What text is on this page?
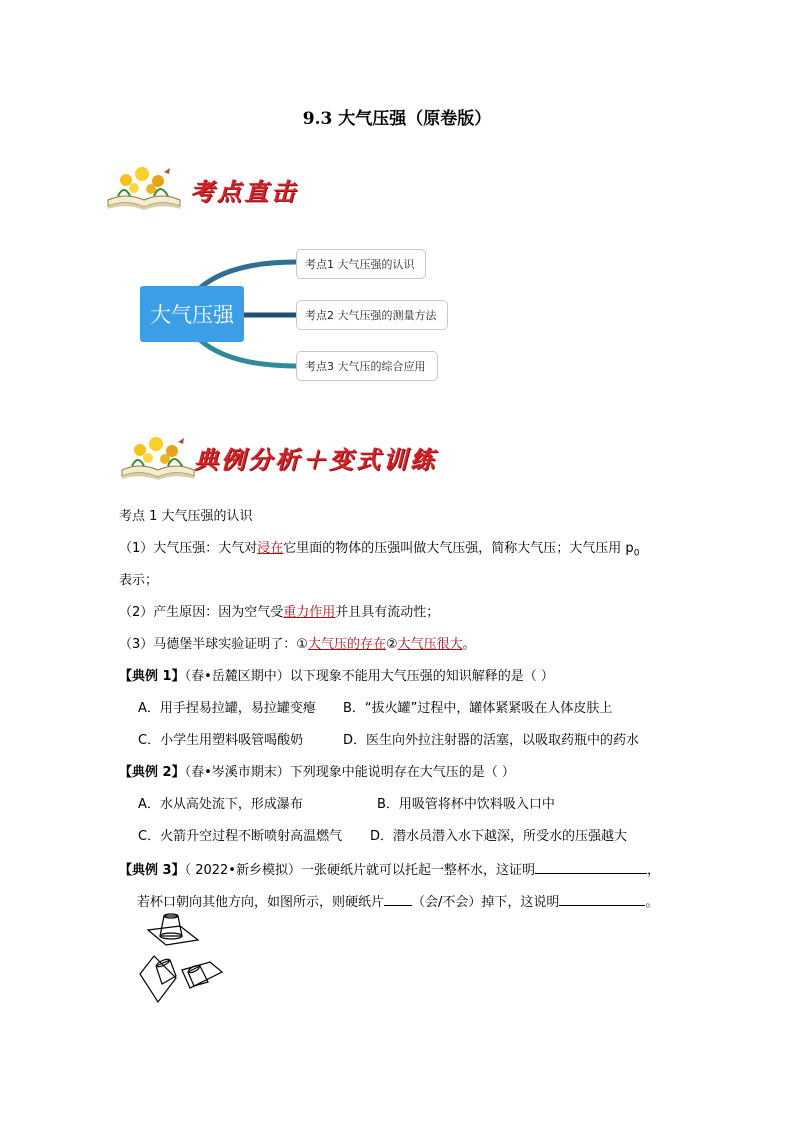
9.3 大气压强（原卷版）
考点直击
大气压强
考点1 大气压强的认识
考点2 大气压强的测量方法
考点3 大气压的综合应用
典例分析＋变式训练
考点 1 大气压强的认识
（1）大气压强：大气对浸在它里面的物体的压强叫做大气压强，简称大气压；大气压用 $p_0$
表示；
（2）产生原因：因为空气受重力作用并且具有流动性；
（3）马德堡半球实验证明了：①大气压的存在②大气压很大。
【典例 1】（春•岳麓区期中）以下现象不能用大气压强的知识解释的是（ ）
A．用手捏易拉罐，易拉罐变瘪 B．“拔火罐”过程中，罐体紧紧吸在人体皮肤上
C．小学生用塑料吸管喝酸奶	D．医生向外拉注射器的活塞，以吸取药瓶中的药水
【典例 2】（春•岑溪市期末）下列现象中能说明存在大气压的是（ ）
A．水从高处流下，形成瀑布	B．用吸管将杯中饮料吸入口中
C．火箭升空过程不断喷射高温燃气 D．潜水员潜入水下越深，所受水的压强越大
【典例 3】（ 2022•新乡模拟）一张硬纸片就可以托起一整杯水，这证明	，
若杯口朝向其他方向，如图所示，则硬纸片 （会/不会）掉下，这说明	。
